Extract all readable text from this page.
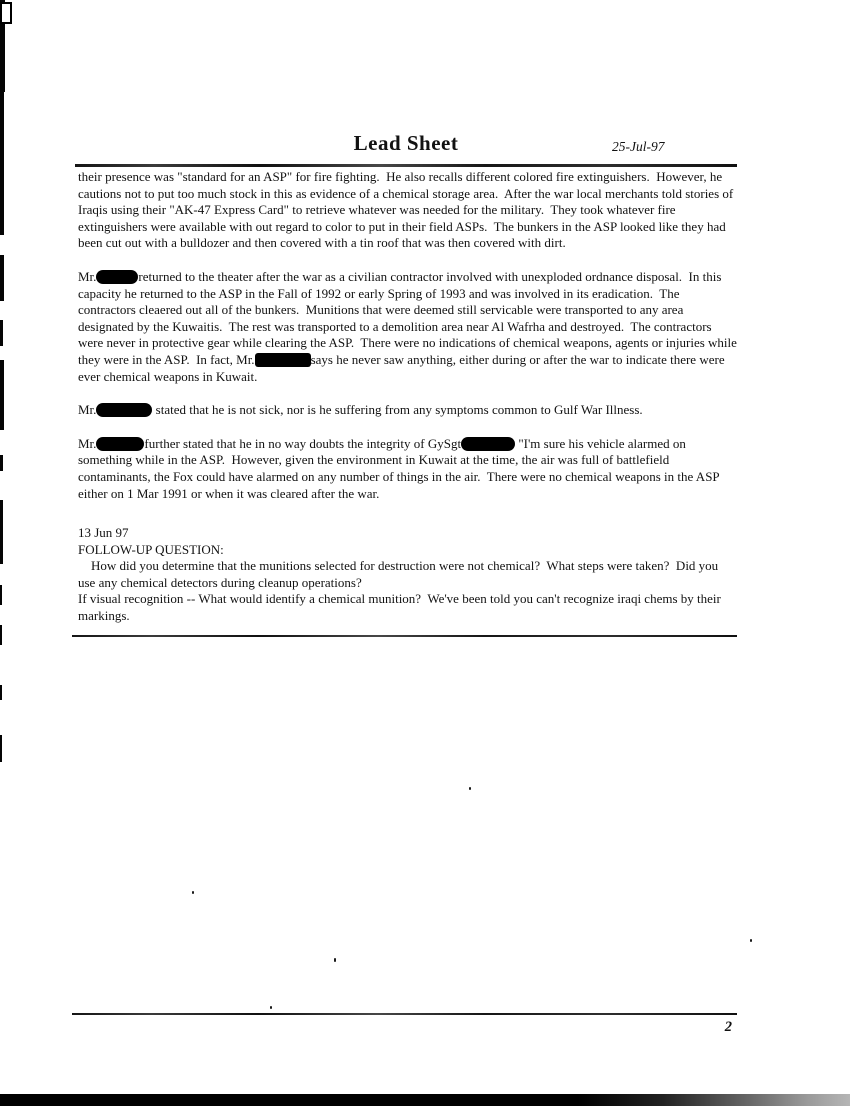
Lead Sheet	25-Jul-97

their presence was "standard for an ASP" for fire fighting.  He also recalls different colored fire extinguishers.  However, he cautions not to put too much stock in this as evidence of a chemical storage area.  After the war local merchants told stories of Iraqis using their "AK-47 Express Card" to retrieve whatever was needed for the military.  They took whatever fire extinguishers were available with out regard to color to put in their field ASPs.  The bunkers in the ASP looked like they had been cut out with a bulldozer and then covered with a tin roof that was then covered with dirt.

Mr.	returned to the theater after the war as a civilian contractor involved with unexploded ordnance disposal.  In this capacity he returned to the ASP in the Fall of 1992 or early Spring of 1993 and was involved in its eradication.  The contractors cleaered out all of the bunkers.  Munitions that were deemed still servicable were transported to any area designated by the Kuwaitis.  The rest was transported to a demolition area near Al Wafrha and destroyed.  The contractors were never in protective gear while clearing the ASP.  There were no indications of chemical weapons, agents or injuries while they were in the ASP.  In fact, Mr.	says he never saw anything, either during or after the war to indicate there were ever chemical weapons in Kuwait.

Mr.	stated that he is not sick, nor is he suffering from any symptoms common to Gulf War Illness.

Mr.	further stated that he in no way doubts the integrity of GySgt	"I'm sure his vehicle alarmed on something while in the ASP.  However, given the environment in Kuwait at the time, the air was full of battlefield contaminants, the Fox could have alarmed on any number of things in the air.  There were no chemical weapons in the ASP either on 1 Mar 1991 or when it was cleared after the war.

13 Jun 97

FOLLOW-UP QUESTION:

How did you determine that the munitions selected for destruction were not chemical?  What steps were taken?  Did you use any chemical detectors during cleanup operations?

If visual recognition -- What would identify a chemical munition?  We've been told you can't recognize iraqi chems by their markings.

2
